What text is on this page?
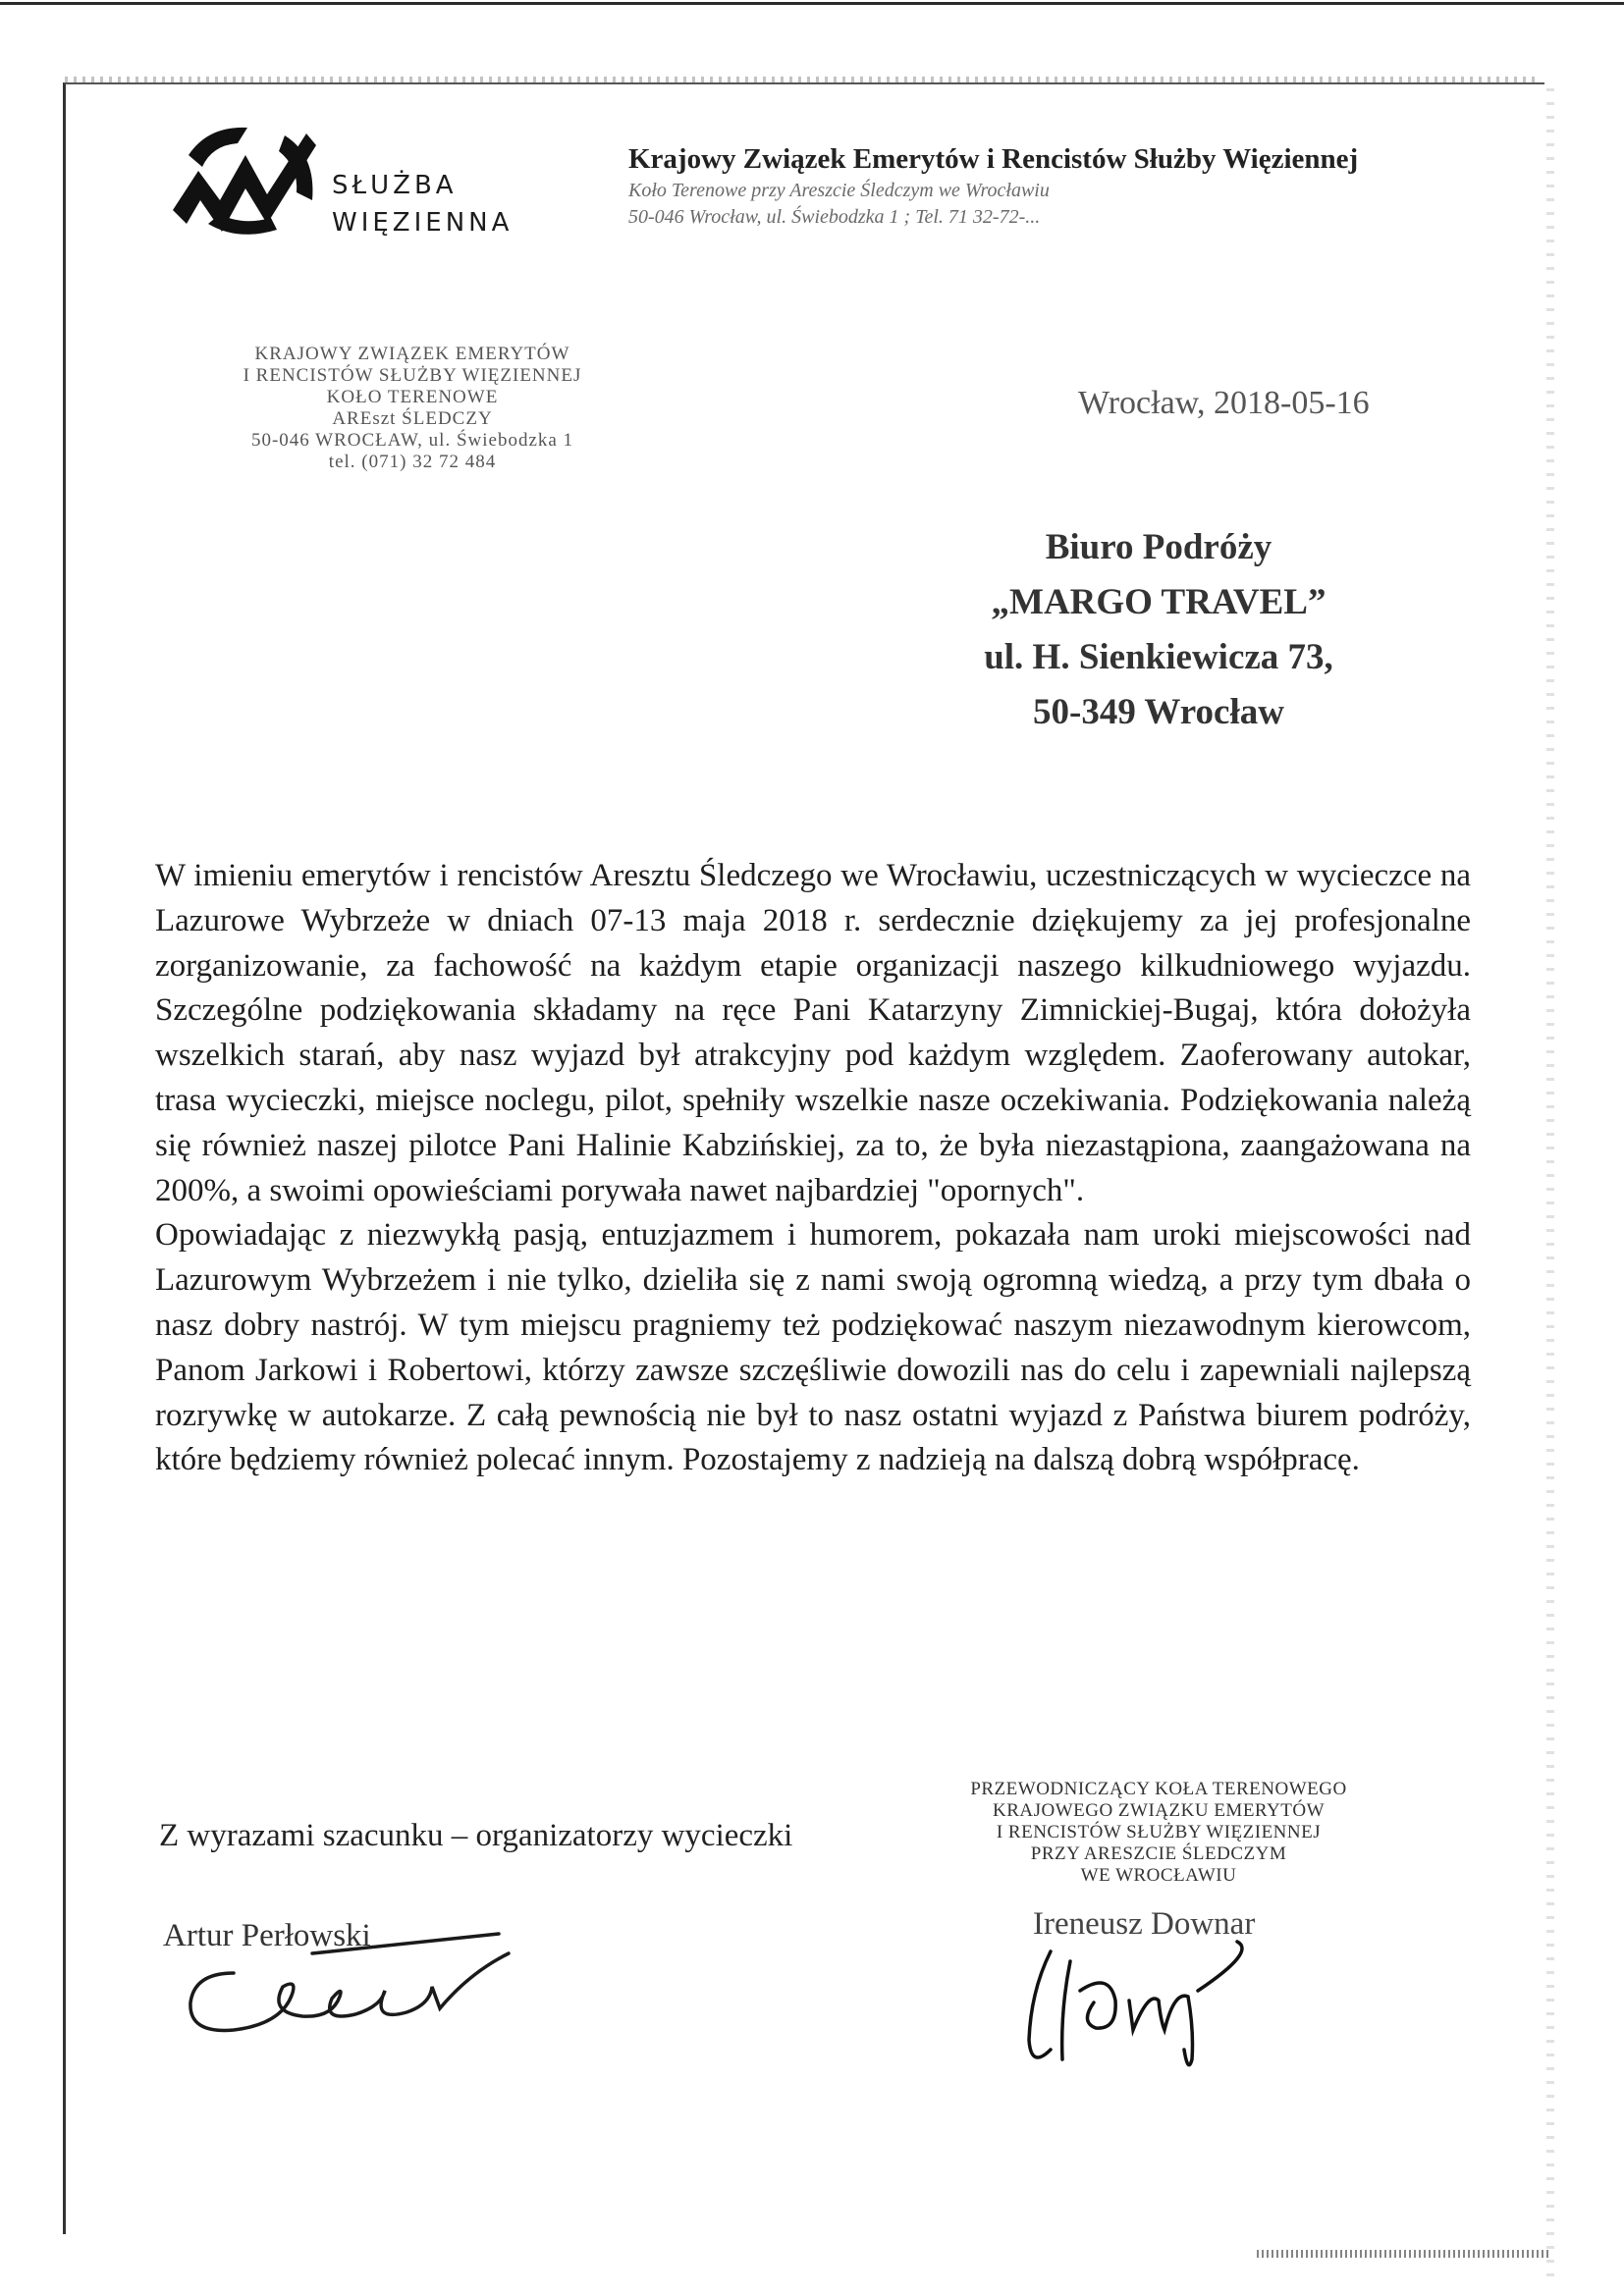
SŁUŻBA
WIĘZIENNA
Krajowy Związek Emerytów i Rencistów Służby Więziennej
Koło Terenowe przy Areszcie Śledczym we Wrocławiu
50-046 Wrocław, ul. Świebodzka 1 ; Tel. 71 32-72-...
KRAJOWY ZWIĄZEK EMERYTÓW
I RENCISTÓW SŁUŻBY WIĘZIENNEJ
KOŁO TERENOWE
AREszt ŚLEDCZY
50-046 WROCŁAW, ul. Świebodzka 1
tel. (071) 32 72 484
Wrocław, 2018-05-16
Biuro Podróży
„MARGO TRAVEL”
ul. H. Sienkiewicza 73,
50-349 Wrocław

W imieniu emerytów i rencistów Aresztu Śledczego we Wrocławiu, uczestniczących w wycieczce na Lazurowe Wybrzeże w dniach 07-13 maja 2018 r. serdecznie dziękujemy za jej profesjonalne zorganizowanie, za fachowość na każdym etapie organizacji naszego kilkudniowego wyjazdu. Szczególne podziękowania składamy na ręce Pani Katarzyny Zimnickiej-Bugaj, która dołożyła wszelkich starań, aby nasz wyjazd był atrakcyjny pod każdym względem. Zaoferowany autokar, trasa wycieczki, miejsce noclegu, pilot, spełniły wszelkie nasze oczekiwania. Podziękowania należą się również naszej pilotce Pani Halinie Kabzińskiej, za to, że była niezastąpiona, zaangażowana na 200%, a swoimi opowieściami porywała nawet najbardziej "opornych".

Opowiadając z niezwykłą pasją, entuzjazmem i humorem, pokazała nam uroki miejscowości nad Lazurowym Wybrzeżem i nie tylko, dzieliła się z nami swoją ogromną wiedzą, a przy tym dbała o nasz dobry nastrój. W tym miejscu pragniemy też podziękować naszym niezawodnym kierowcom, Panom Jarkowi i Robertowi, którzy zawsze szczęśliwie dowozili nas do celu i zapewniali najlepszą rozrywkę w autokarze. Z całą pewnością nie był to nasz ostatni wyjazd z Państwa biurem podróży, które będziemy również polecać innym. Pozostajemy z nadzieją na dalszą dobrą współpracę.

Z wyrazami szacunku – organizatorzy wycieczki
Artur Perłowski
PRZEWODNICZĄCY KOŁA TERENOWEGO
KRAJOWEGO ZWIĄZKU EMERYTÓW
I RENCISTÓW SŁUŻBY WIĘZIENNEJ
PRZY ARESZCIE ŚLEDCZYM
WE WROCŁAWIU
Ireneusz Downar
